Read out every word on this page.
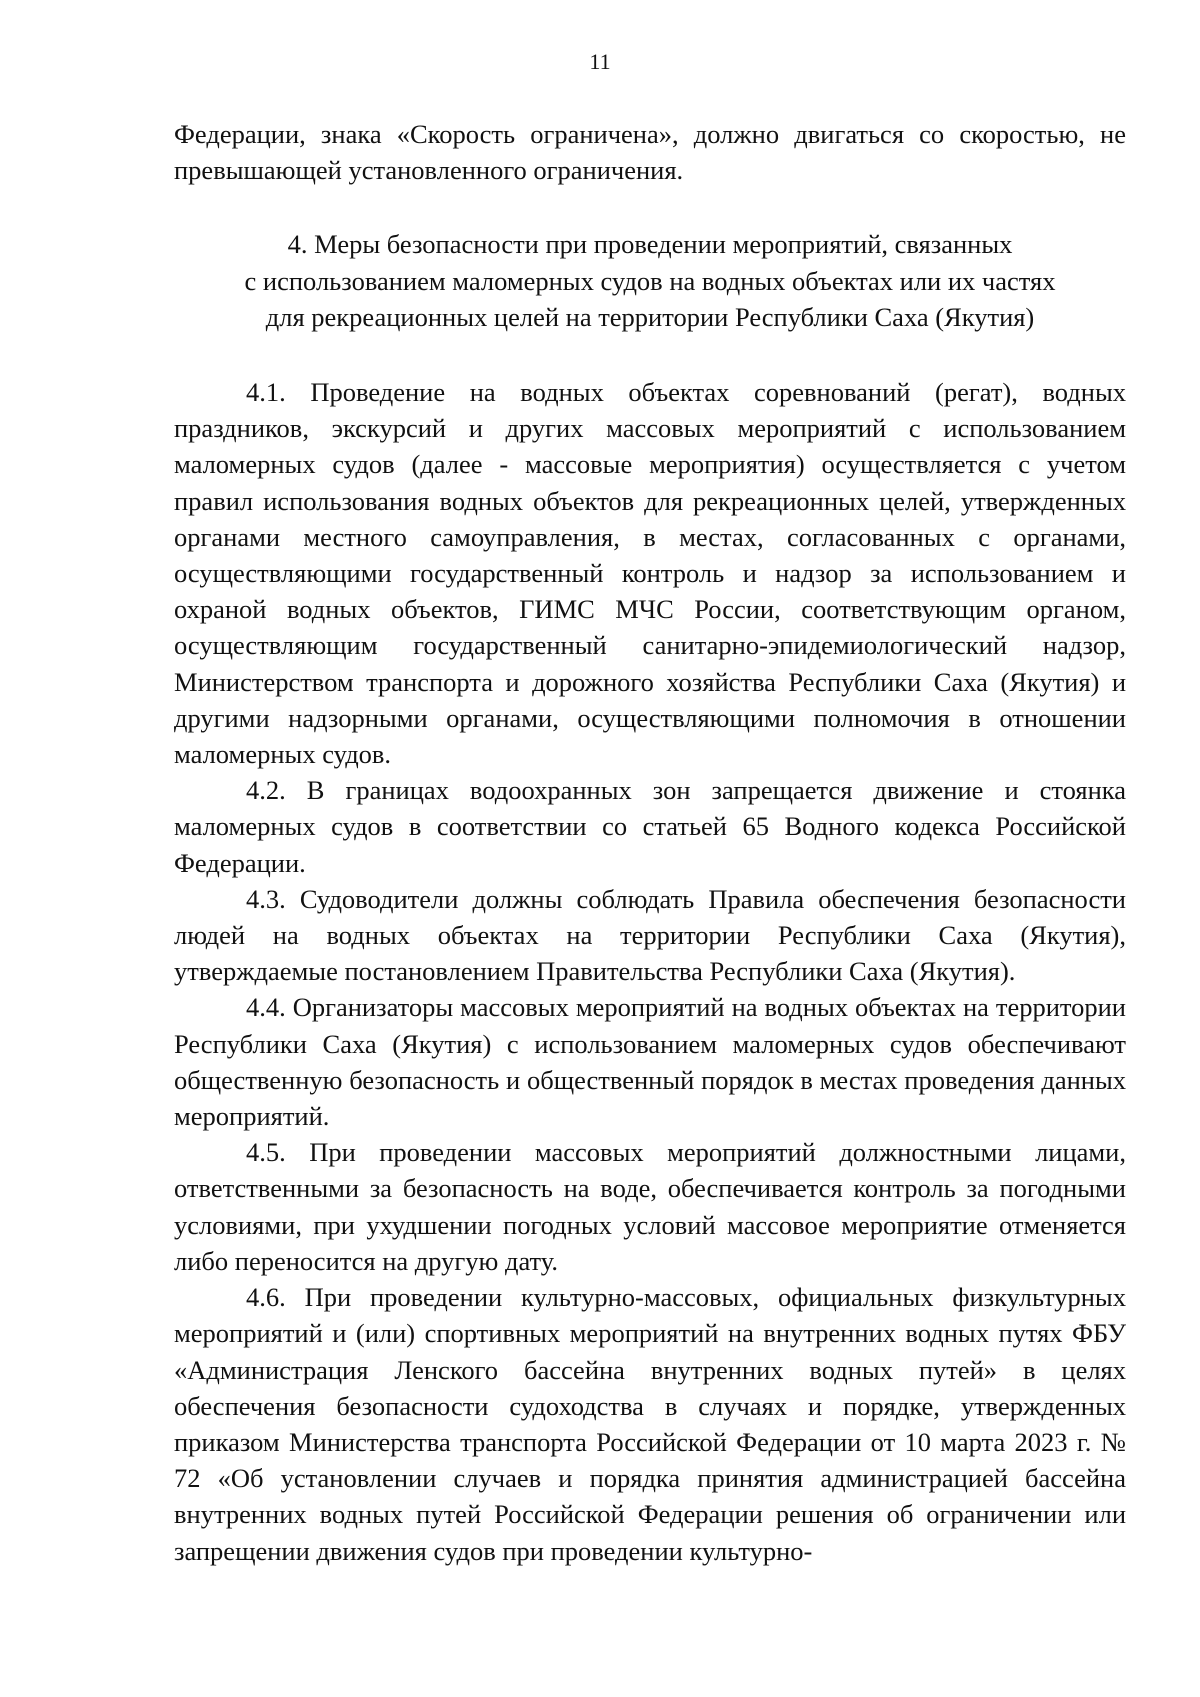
11

Федерации, знака «Скорость ограничена», должно двигаться со скоростью, не превышающей установленного ограничения.

4. Меры безопасности при проведении мероприятий, связанных
с использованием маломерных судов на водных объектах или их частях
для рекреационных целей на территории Республики Саха (Якутия)

4.1. Проведение на водных объектах соревнований (регат), водных праздников, экскурсий и других массовых мероприятий с использованием маломерных судов (далее - массовые мероприятия) осуществляется с учетом правил использования водных объектов для рекреационных целей, утвержденных органами местного самоуправления, в местах, согласованных с органами, осуществляющими государственный контроль и надзор за использованием и охраной водных объектов, ГИМС МЧС России, соответствующим органом, осуществляющим государственный санитарно-эпидемиологический надзор, Министерством транспорта и дорожного хозяйства Республики Саха (Якутия) и другими надзорными органами, осуществляющими полномочия в отношении маломерных судов.

4.2. В границах водоохранных зон запрещается движение и стоянка маломерных судов в соответствии со статьей 65 Водного кодекса Российской Федерации.

4.3. Судоводители должны соблюдать Правила обеспечения безопасности людей на водных объектах на территории Республики Саха (Якутия), утверждаемые постановлением Правительства Республики Саха (Якутия).

4.4. Организаторы массовых мероприятий на водных объектах на территории Республики Саха (Якутия) с использованием маломерных судов обеспечивают общественную безопасность и общественный порядок в местах проведения данных мероприятий.

4.5. При проведении массовых мероприятий должностными лицами, ответственными за безопасность на воде, обеспечивается контроль за погодными условиями, при ухудшении погодных условий массовое мероприятие отменяется либо переносится на другую дату.

4.6. При проведении культурно-массовых, официальных физкультурных мероприятий и (или) спортивных мероприятий на внутренних водных путях ФБУ «Администрация Ленского бассейна внутренних водных путей» в целях обеспечения безопасности судоходства в случаях и порядке, утвержденных приказом Министерства транспорта Российской Федерации от 10 марта 2023 г. № 72 «Об установлении случаев и порядка принятия администрацией бассейна внутренних водных путей Российской Федерации решения об ограничении или запрещении движения судов при проведении культурно-
